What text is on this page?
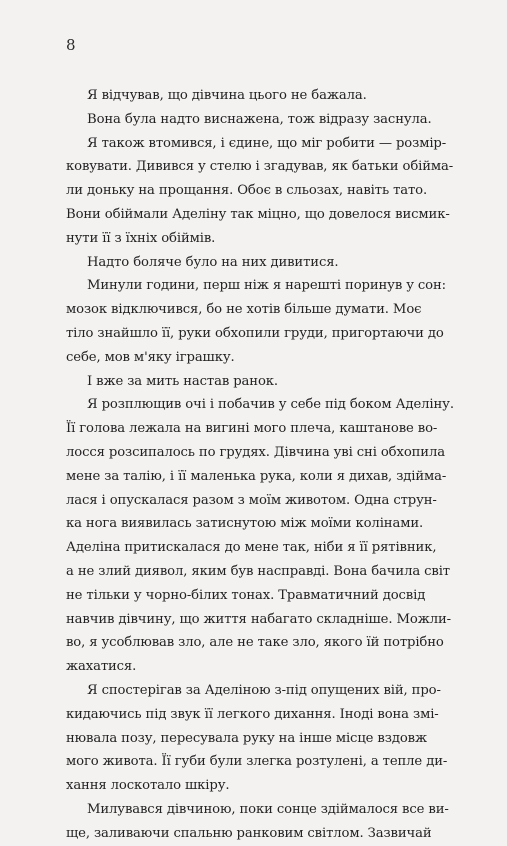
8

Я відчував, що дівчина цього не бажала.

Вона була надто виснажена, тож відразу заснула.

Я також втомився, і єдине, що міг робити — розмір-
ковувати. Дивився у стелю і згадував, як батьки обійма-
ли доньку на прощання. Обоє в сльозах, навіть тато.
Вони обіймали Аделіну так міцно, що довелося висмик-
нути її з їхніх обіймів.

Надто боляче було на них дивитися.

Минули години, перш ніж я нарешті поринув у сон:
мозок відключився, бо не хотів більше думати. Моє
тіло знайшло її, руки обхопили груди, пригортаючи до
себе, мов м'яку іграшку.

І вже за мить настав ранок.

Я розплющив очі і побачив у себе під боком Аделіну.
Її голова лежала на вигині мого плеча, каштанове во-
лосся розсипалось по грудях. Дівчина уві сні обхопила
мене за талію, і її маленька рука, коли я дихав, здійма-
лася і опускалася разом з моїм животом. Одна струн-
ка нога виявилась затиснутою між моїми колінами.
Аделіна притискалася до мене так, ніби я її рятівник,
а не злий диявол, яким був насправді. Вона бачила світ
не тільки у чорно-білих тонах. Травматичний досвід
навчив дівчину, що життя набагато складніше. Можли-
во, я усоблював зло, але не таке зло, якого їй потрібно
жахатися.

Я спостерігав за Аделіною з-під опущених вій, про-
кидаючись під звук її легкого дихання. Іноді вона змі-
нювала позу, пересувала руку на інше місце вздовж
мого живота. Її губи були злегка розтулені, а тепле ди-
хання лоскотало шкіру.

Милувався дівчиною, поки сонце здіймалося все ви-
ще, заливаючи спальню ранковим світлом. Зазвичай
